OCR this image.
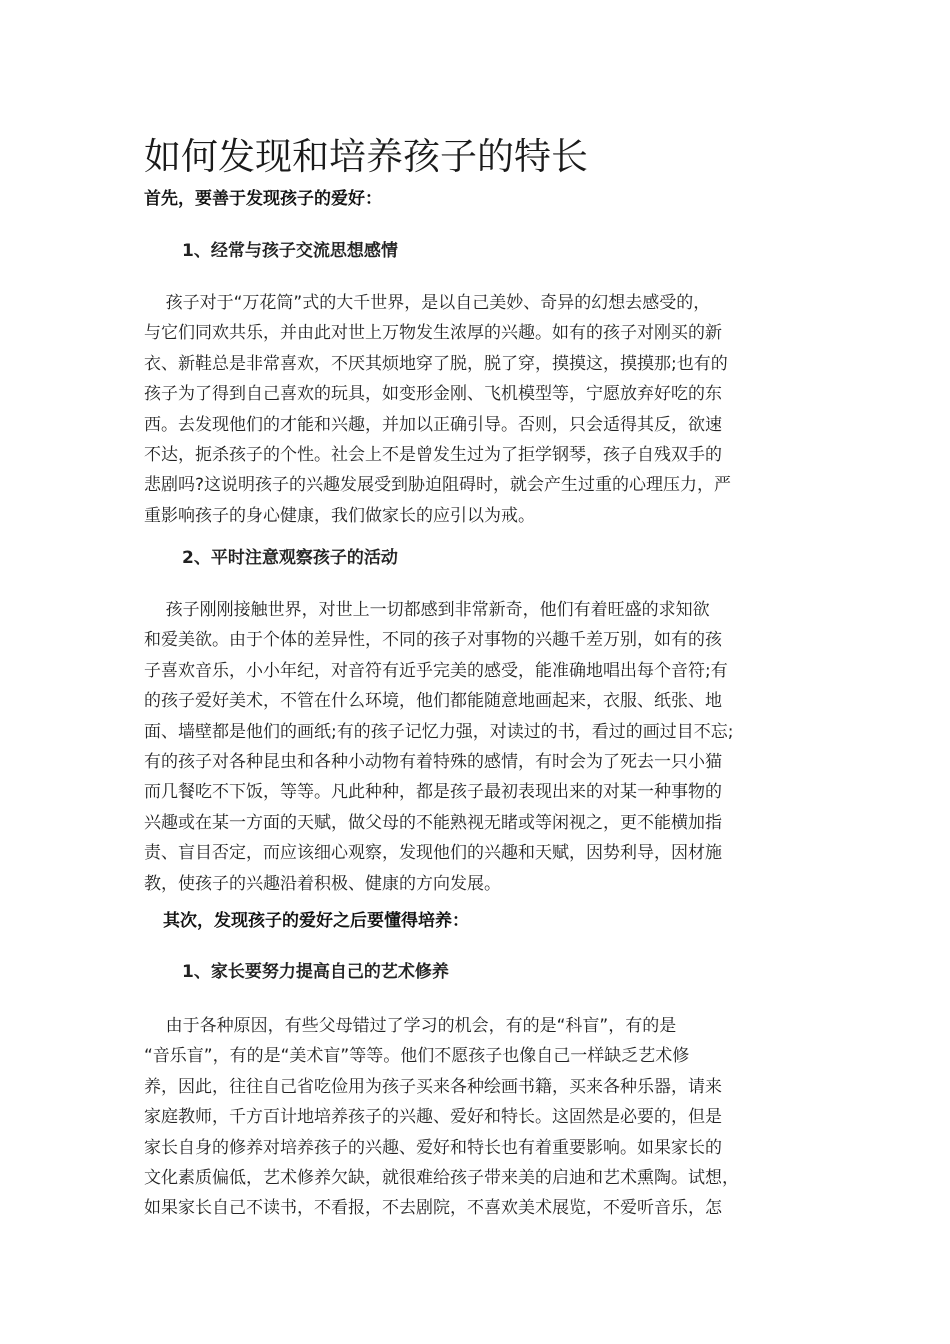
如何发现和培养孩子的特长
首先，要善于发现孩子的爱好：
1、经常与孩子交流思想感情
孩子对于“万花筒”式的大千世界，是以自己美妙、奇异的幻想去感受的，
与它们同欢共乐，并由此对世上万物发生浓厚的兴趣。如有的孩子对刚买的新
衣、新鞋总是非常喜欢，不厌其烦地穿了脱，脱了穿，摸摸这，摸摸那;也有的
孩子为了得到自己喜欢的玩具，如变形金刚、飞机模型等，宁愿放弃好吃的东
西。去发现他们的才能和兴趣，并加以正确引导。否则，只会适得其反，欲速
不达，扼杀孩子的个性。社会上不是曾发生过为了拒学钢琴，孩子自残双手的
悲剧吗?这说明孩子的兴趣发展受到胁迫阻碍时，就会产生过重的心理压力，严
重影响孩子的身心健康，我们做家长的应引以为戒。
2、平时注意观察孩子的活动
孩子刚刚接触世界，对世上一切都感到非常新奇，他们有着旺盛的求知欲
和爱美欲。由于个体的差异性，不同的孩子对事物的兴趣千差万别，如有的孩
子喜欢音乐，小小年纪，对音符有近乎完美的感受，能准确地唱出每个音符;有
的孩子爱好美术，不管在什么环境，他们都能随意地画起来，衣服、纸张、地
面、墙壁都是他们的画纸;有的孩子记忆力强，对读过的书，看过的画过目不忘;
有的孩子对各种昆虫和各种小动物有着特殊的感情，有时会为了死去一只小猫
而几餐吃不下饭，等等。凡此种种，都是孩子最初表现出来的对某一种事物的
兴趣或在某一方面的天赋，做父母的不能熟视无睹或等闲视之，更不能横加指
责、盲目否定，而应该细心观察，发现他们的兴趣和天赋，因势利导，因材施
教，使孩子的兴趣沿着积极、健康的方向发展。
其次，发现孩子的爱好之后要懂得培养：
1、家长要努力提高自己的艺术修养
由于各种原因，有些父母错过了学习的机会，有的是“科盲”，有的是
“音乐盲”，有的是“美术盲”等等。他们不愿孩子也像自己一样缺乏艺术修
养，因此，往往自己省吃俭用为孩子买来各种绘画书籍，买来各种乐器，请来
家庭教师，千方百计地培养孩子的兴趣、爱好和特长。这固然是必要的，但是
家长自身的修养对培养孩子的兴趣、爱好和特长也有着重要影响。如果家长的
文化素质偏低，艺术修养欠缺，就很难给孩子带来美的启迪和艺术熏陶。试想，
如果家长自己不读书，不看报，不去剧院，不喜欢美术展览，不爱听音乐，怎
